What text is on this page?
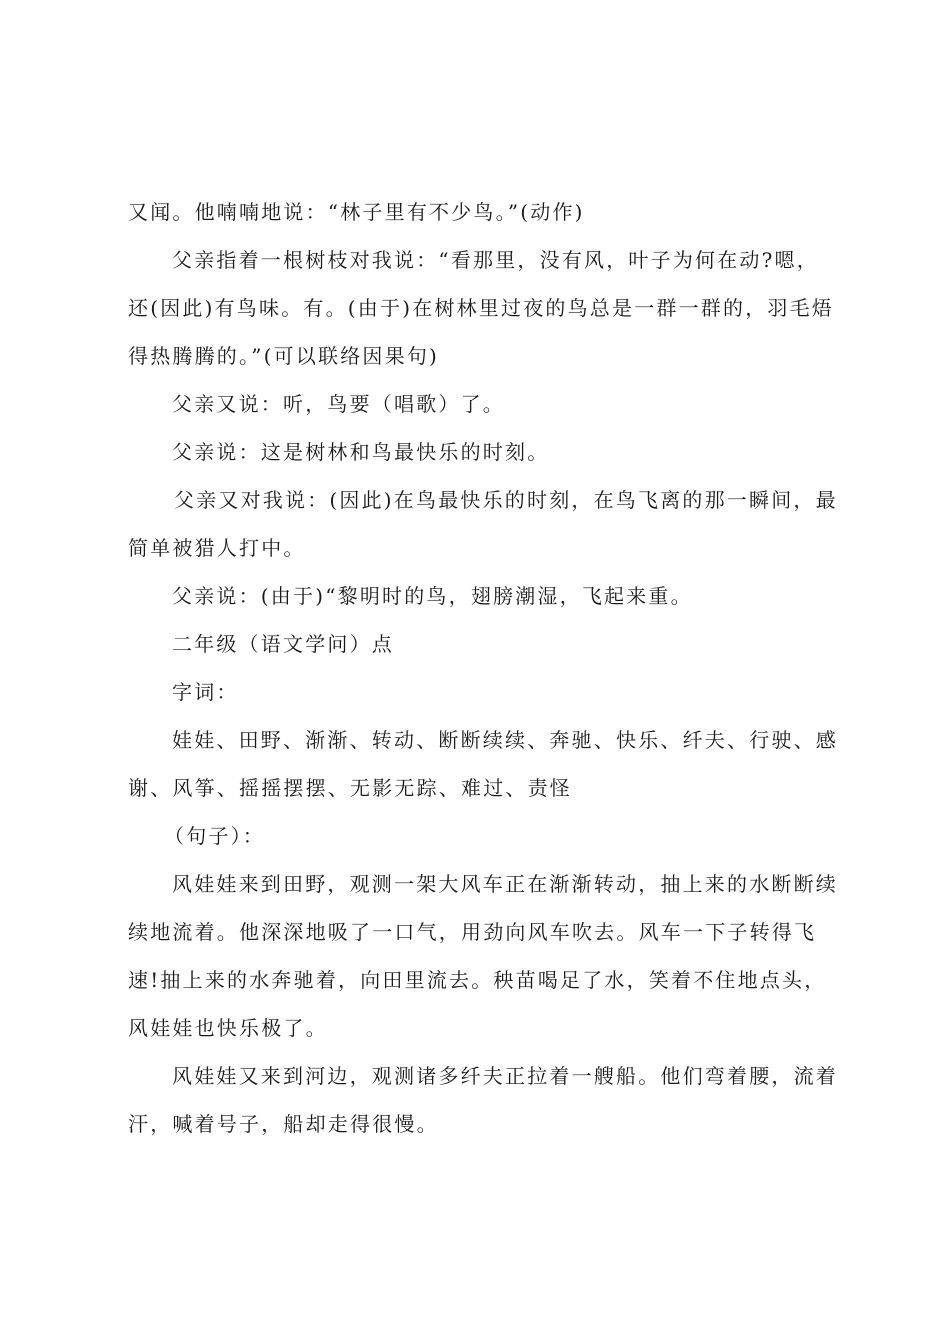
又闻。他喃喃地说：“林子里有不少鸟。”(动作)

父亲指着一根树枝对我说：“看那里，没有风，叶子为何在动?嗯，还(因此)有鸟味。有。(由于)在树林里过夜的鸟总是一群一群的，羽毛焐得热腾腾的。”(可以联络因果句)

父亲又说：听，鸟要（唱歌）了。

父亲说：这是树林和鸟最快乐的时刻。

父亲又对我说：(因此)在鸟最快乐的时刻，在鸟飞离的那一瞬间，最简单被猎人打中。

父亲说：(由于)“黎明时的鸟，翅膀潮湿，飞起来重。

二年级（语文学问）点

字词：

娃娃、田野、渐渐、转动、断断续续、奔驰、快乐、纤夫、行驶、感谢、风筝、摇摇摆摆、无影无踪、难过、责怪

（句子）：

风娃娃来到田野，观测一架大风车正在渐渐转动，抽上来的水断断续续地流着。他深深地吸了一口气，用劲向风车吹去。风车一下子转得飞速!抽上来的水奔驰着，向田里流去。秧苗喝足了水，笑着不住地点头，风娃娃也快乐极了。

风娃娃又来到河边，观测诸多纤夫正拉着一艘船。他们弯着腰，流着汗，喊着号子，船却走得很慢。
